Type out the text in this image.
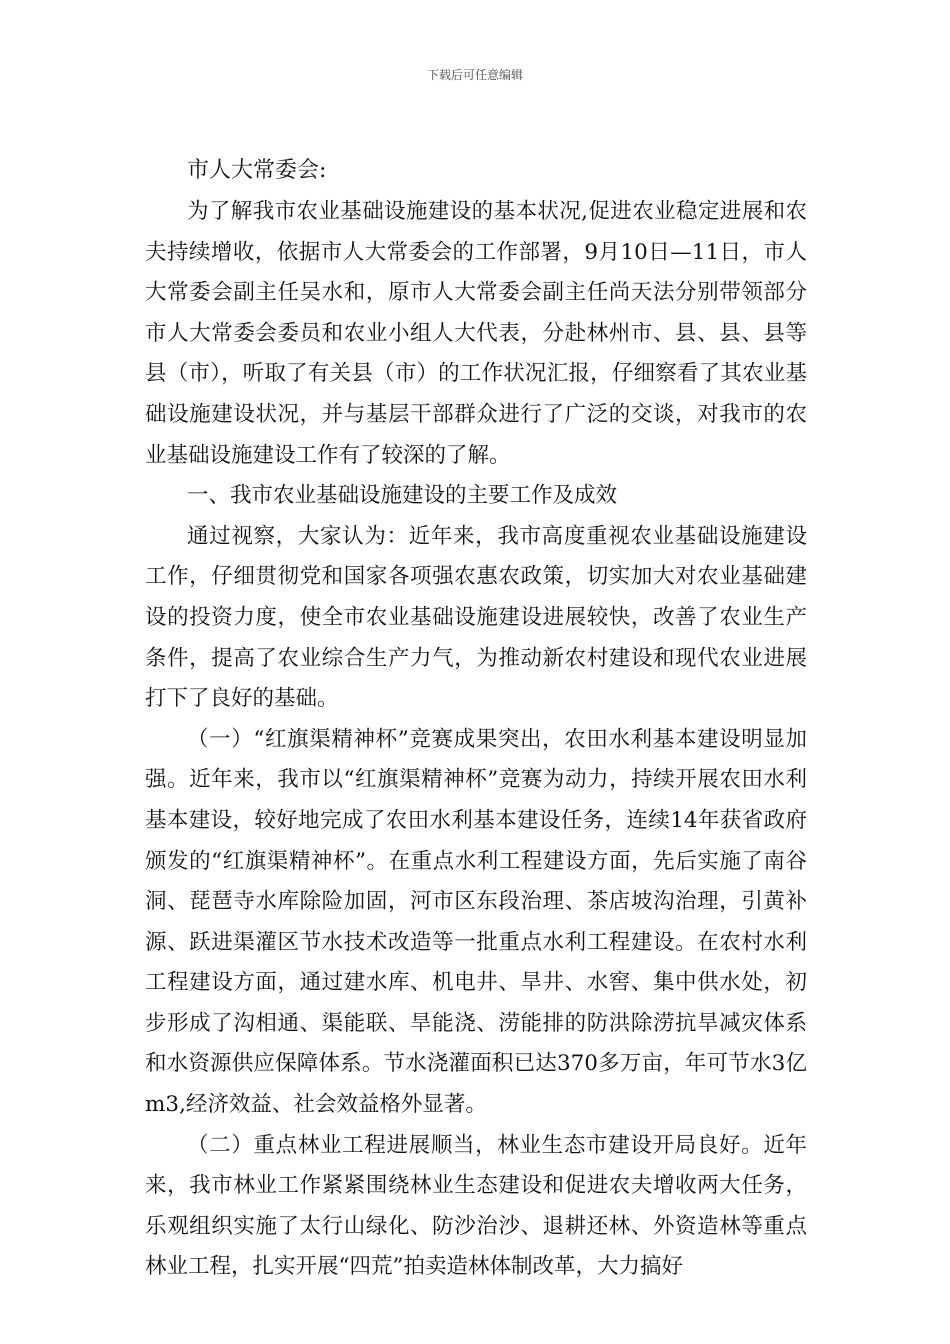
下载后可任意编辑

市人大常委会:

为了解我市农业基础设施建设的基本状况,促进农业稳定进展和农夫持续增收，依据市人大常委会的工作部署，9月10日—11日，市人大常委会副主任吴水和，原市人大常委会副主任尚天法分别带领部分市人大常委会委员和农业小组人大代表，分赴林州市、县、县、县等县（市），听取了有关县（市）的工作状况汇报，仔细察看了其农业基础设施建设状况，并与基层干部群众进行了广泛的交谈，对我市的农业基础设施建设工作有了较深的了解。

一、我市农业基础设施建设的主要工作及成效

通过视察，大家认为：近年来，我市高度重视农业基础设施建设工作，仔细贯彻党和国家各项强农惠农政策，切实加大对农业基础建设的投资力度，使全市农业基础设施建设进展较快，改善了农业生产条件，提高了农业综合生产力气，为推动新农村建设和现代农业进展打下了良好的基础。

（一）“红旗渠精神杯”竞赛成果突出，农田水利基本建设明显加强。近年来，我市以“红旗渠精神杯”竞赛为动力，持续开展农田水利基本建设，较好地完成了农田水利基本建设任务，连续14年获省政府颁发的“红旗渠精神杯”。在重点水利工程建设方面，先后实施了南谷洞、琵琶寺水库除险加固，河市区东段治理、茶店坡沟治理，引黄补源、跃进渠灌区节水技术改造等一批重点水利工程建设。在农村水利工程建设方面，通过建水库、机电井、旱井、水窖、集中供水处，初步形成了沟相通、渠能联、旱能浇、涝能排的防洪除涝抗旱减灾体系和水资源供应保障体系。节水浇灌面积已达370多万亩，年可节水3亿m3,经济效益、社会效益格外显著。

（二）重点林业工程进展顺当，林业生态市建设开局良好。近年来，我市林业工作紧紧围绕林业生态建设和促进农夫增收两大任务，乐观组织实施了太行山绿化、防沙治沙、退耕还林、外资造林等重点林业工程，扎实开展“四荒”拍卖造林体制改革，大力搞好
